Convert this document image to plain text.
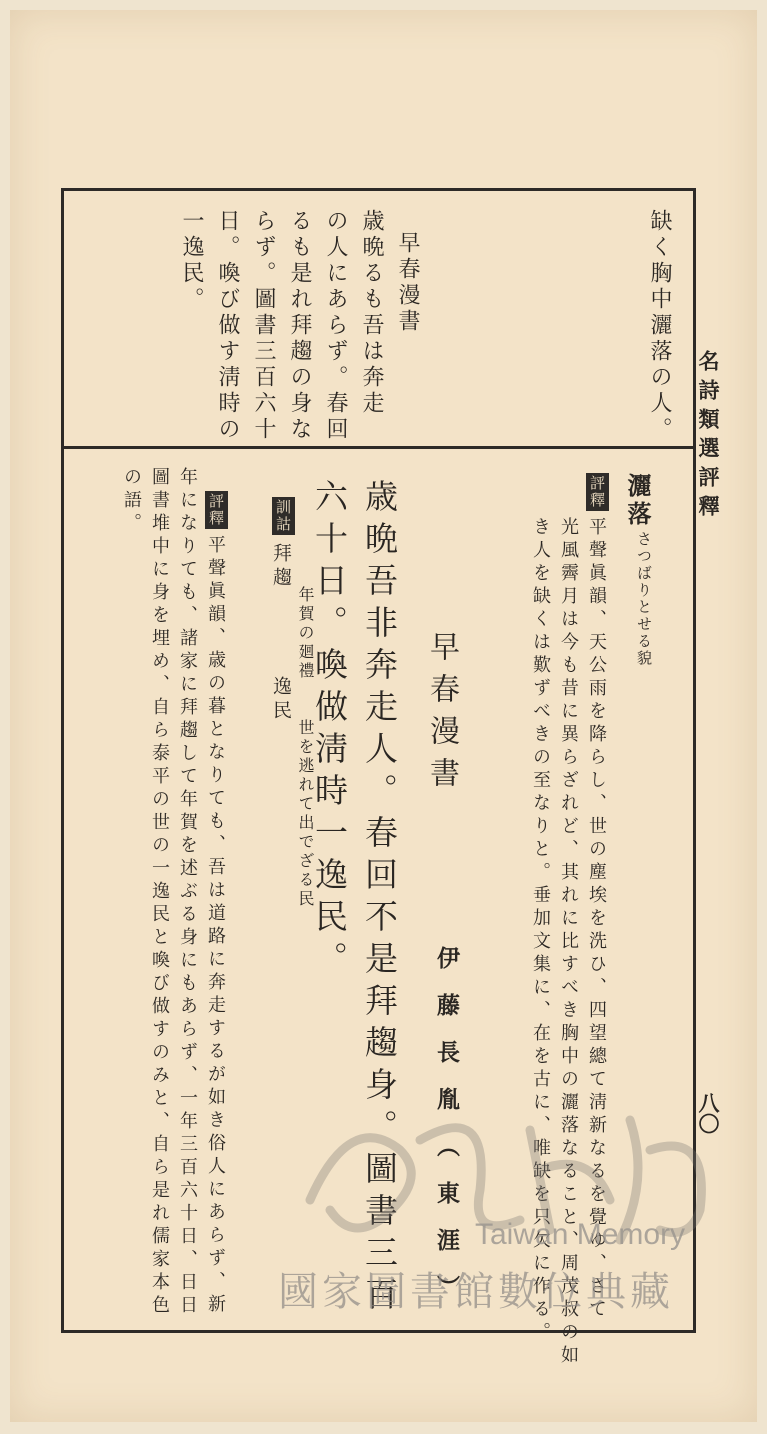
名詩類選評釋
八〇
缺く胸中灑落の人。
早春漫書
歳晩るも吾は奔走
の人にあらず。春回
るも是れ拜趨の身な
らず。圖書三百六十
日。喚び做す淸時の
一逸民。
灑落
さつばりとせる貌
評釋
平聲眞韻、天公雨を降らし、世の塵埃を洗ひ、四望總て淸新なるを覺ゆ、さて
光風霽月は今も昔に異らざれど、其れに比すべき胸中の灑落なること、周茂叔の如
き人を缺くは歎ずべきの至なりと。垂加文集に、在を古に、唯缺を只欠に作る。
早春漫書
伊藤長胤（東涯）
歳晩吾非奔走人。春回不是拜趨身。圖書三百
六十日。喚做淸時一逸民。
訓詁
拜趨
年賀の廻禮
逸民
世を逃れて出でざる民
評釋
平聲眞韻、歳の暮となりても、吾は道路に奔走するが如き俗人にあらず、新
年になりても、諸家に拜趨して年賀を述ぶる身にもあらず、一年三百六十日、日日
圖書堆中に身を埋め、自ら泰平の世の一逸民と喚び做すのみと、自ら是れ儒家本色
の語。
Taiwan Memory
國家圖書館數位典藏
